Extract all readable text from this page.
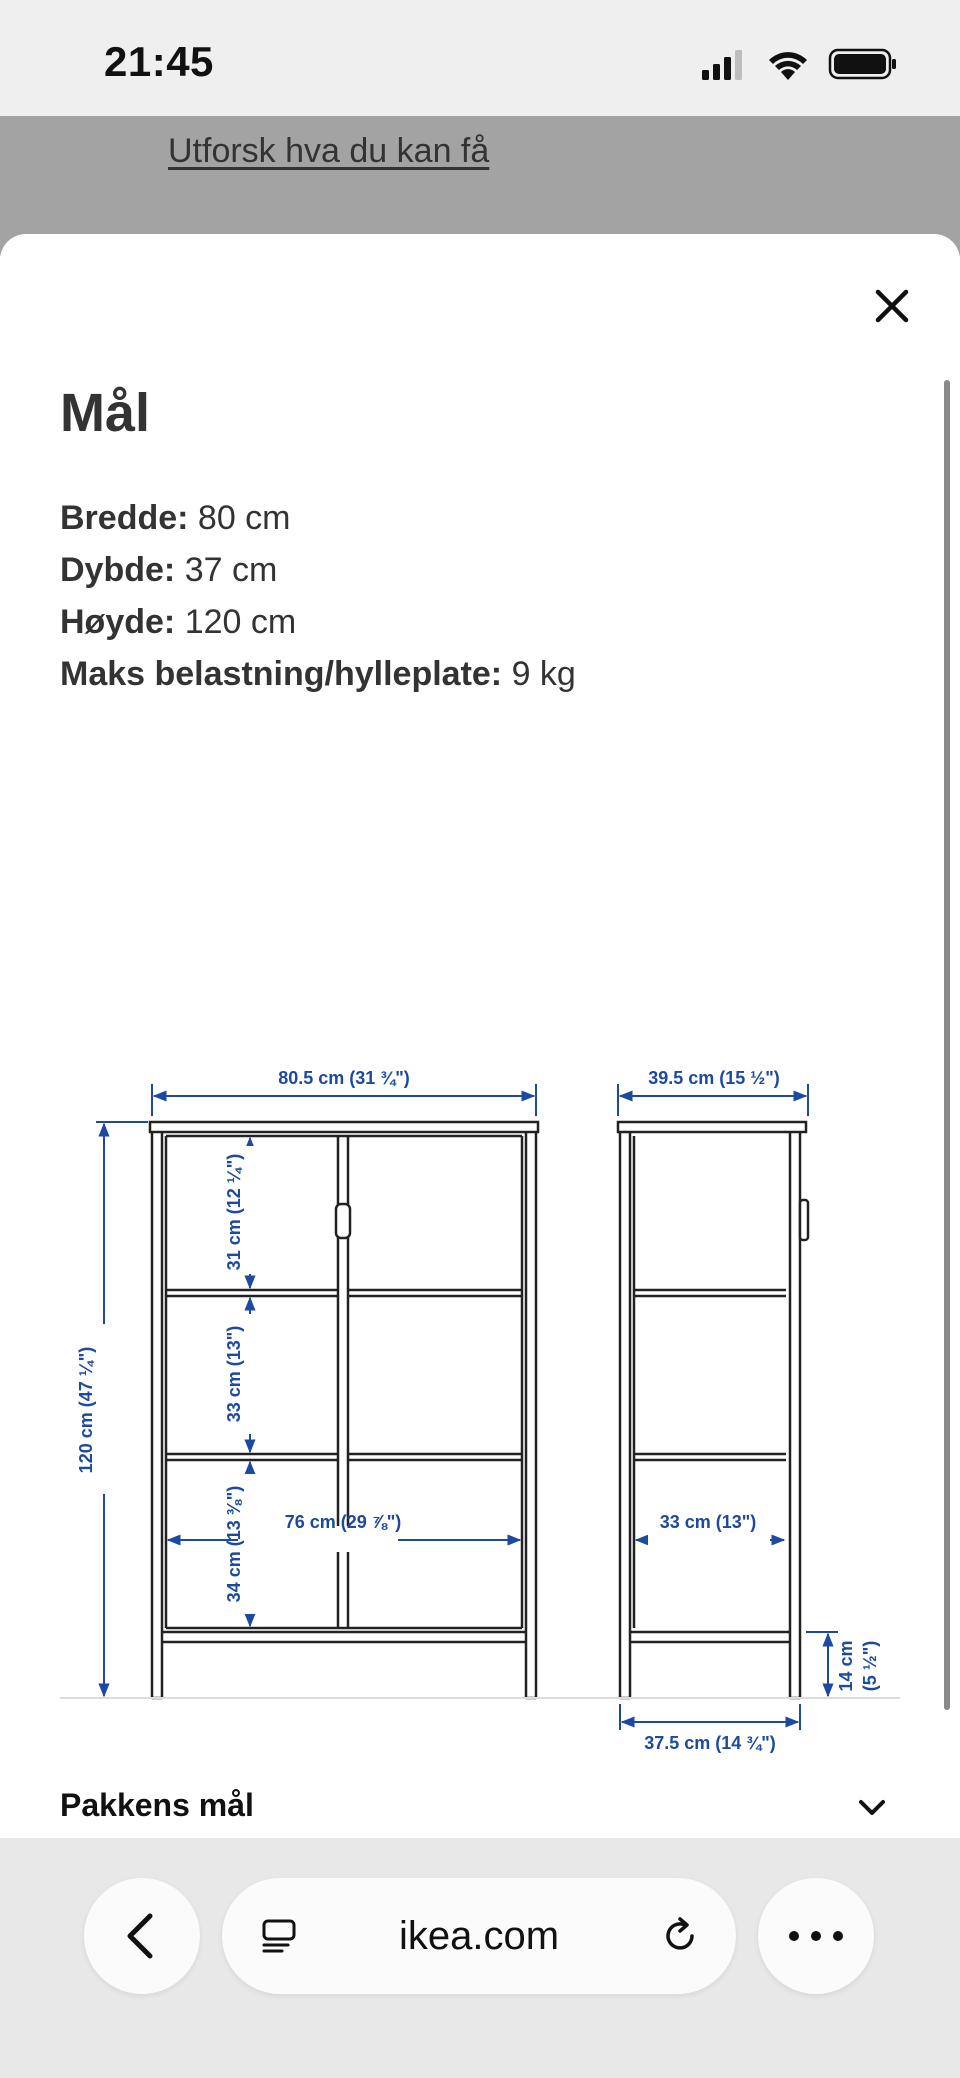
21:45
Utforsk hva du kan få
Mål
Bredde: 80 cm
Dybde: 37 cm
Høyde: 120 cm
Maks belastning/hylleplate: 9 kg
80.5 cm (31 ¾")
120 cm (47 ¼")
31 cm (12 ¼")
33 cm (13")
34 cm (13 ⅜") 76 cm (29 ⅞")
39.5 cm (15 ½")
33 cm (13")
14 cm (5 ½")
37.5 cm (14 ¾")
Pakkens mål
ikea.com
